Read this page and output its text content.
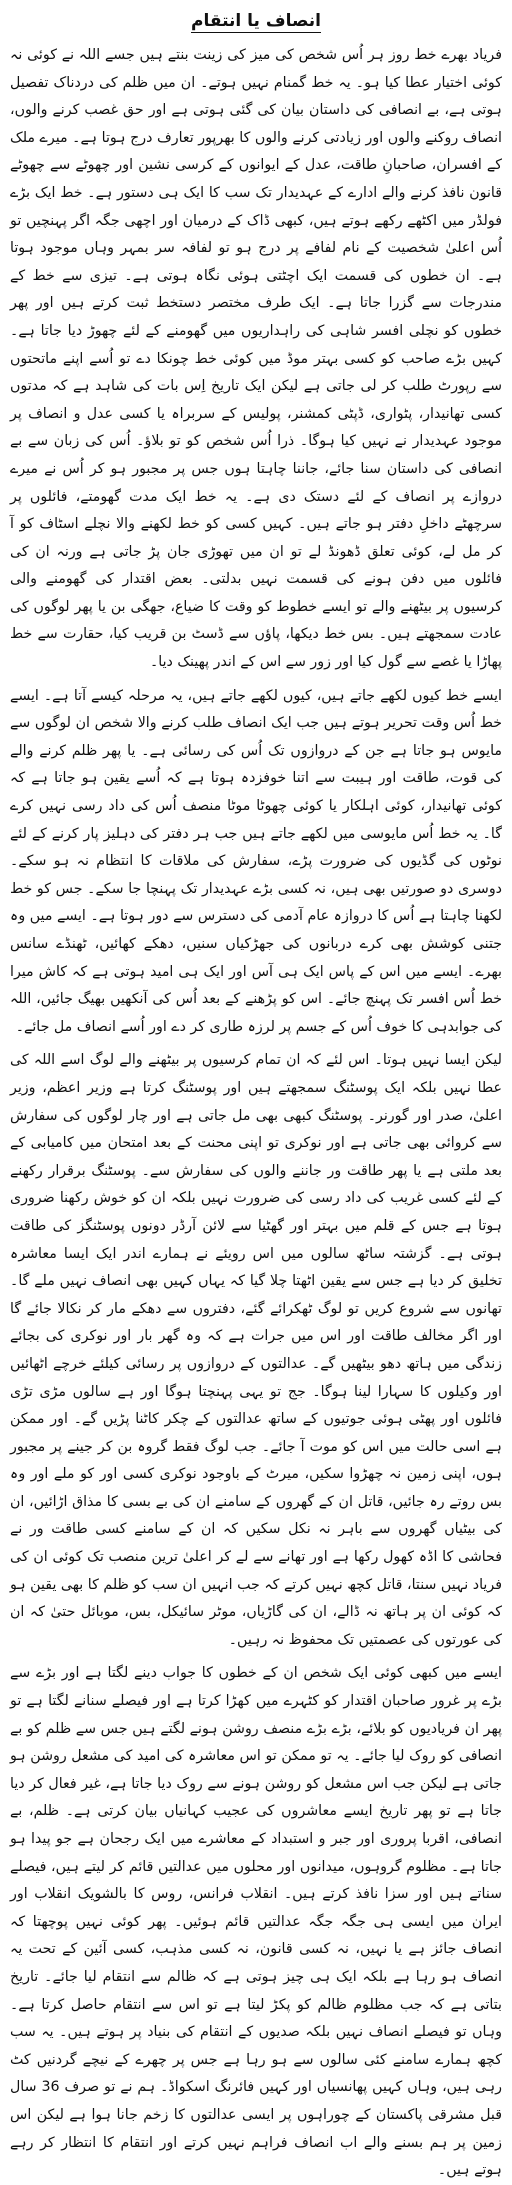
انصاف یا انتقام

فریاد بھرے خط روز ہر اُس شخص کی میز کی زینت بنتے ہیں جسے اللہ نے کوئی نہ کوئی اختیار عطا کیا ہو۔ یہ خط گمنام نہیں ہوتے۔ ان میں ظلم کی دردناک تفصیل ہوتی ہے، بے انصافی کی داستان بیان کی گئی ہوتی ہے اور حق غصب کرنے والوں، انصاف روکنے والوں اور زیادتی کرنے والوں کا بھرپور تعارف درج ہوتا ہے۔ میرے ملک کے افسران، صاحبانِ طاقت، عدل کے ایوانوں کے کرسی نشین اور چھوٹے سے چھوٹے قانون نافذ کرنے والے ادارے کے عہدیدار تک سب کا ایک ہی دستور ہے۔ خط ایک بڑے فولڈر میں اکٹھے رکھے ہوتے ہیں، کبھی ڈاک کے درمیان اور اچھی جگہ اگر پہنچیں تو اُس اعلیٰ شخصیت کے نام لفافے پر درج ہو تو لفافہ سر بمہر وہاں موجود ہوتا ہے۔ ان خطوں کی قسمت ایک اچٹتی ہوئی نگاہ ہوتی ہے۔ تیزی سے خط کے مندرجات سے گزرا جاتا ہے۔ ایک طرف مختصر دستخط ثبت کرتے ہیں اور پھر خطوں کو نچلی افسر شاہی کی راہداریوں میں گھومنے کے لئے چھوڑ دیا جاتا ہے۔ کہیں بڑے صاحب کو کسی بہتر موڈ میں کوئی خط چونکا دے تو اُسے اپنے ماتحتوں سے رپورٹ طلب کر لی جاتی ہے لیکن ایک تاریخ اِس بات کی شاہد ہے کہ مدتوں کسی تھانیدار، پٹواری، ڈپٹی کمشنر، پولیس کے سربراہ یا کسی عدل و انصاف پر موجود عہدیدار نے نہیں کیا ہوگا۔ ذرا اُس شخص کو تو بلاؤ۔ اُس کی زبان سے بے انصافی کی داستان سنا جائے، جاننا چاہتا ہوں جس پر مجبور ہو کر اُس نے میرے دروازے پر انصاف کے لئے دستک دی ہے۔ یہ خط ایک مدت گھومتے، فائلوں پر سرچھٹے داخلِ دفتر ہو جاتے ہیں۔ کہیں کسی کو خط لکھنے والا نچلے اسٹاف کو آ کر مل لے، کوئی تعلق ڈھونڈ لے تو ان میں تھوڑی جان پڑ جاتی ہے ورنہ ان کی فائلوں میں دفن ہونے کی قسمت نہیں بدلتی۔ بعض اقتدار کی گھومنے والی کرسیوں پر بیٹھنے والے تو ایسے خطوط کو وقت کا ضیاع، جھگی بن یا پھر لوگوں کی عادت سمجھتے ہیں۔ بس خط دیکھا، پاؤں سے ڈسٹ بن قریب کیا، حقارت سے خط پھاڑا یا غصے سے گول کیا اور زور سے اس کے اندر پھینک دیا۔

ایسے خط کیوں لکھے جاتے ہیں، کیوں لکھے جاتے ہیں، یہ مرحلہ کیسے آتا ہے۔ ایسے خط اُس وقت تحریر ہوتے ہیں جب ایک انصاف طلب کرنے والا شخص ان لوگوں سے مایوس ہو جاتا ہے جن کے دروازوں تک اُس کی رسائی ہے۔ یا پھر ظلم کرنے والے کی قوت، طاقت اور ہیبت سے اتنا خوفزدہ ہوتا ہے کہ اُسے یقین ہو جاتا ہے کہ کوئی تھانیدار، کوئی اہلکار یا کوئی چھوٹا موٹا منصف اُس کی داد رسی نہیں کرے گا۔ یہ خط اُس مایوسی میں لکھے جاتے ہیں جب ہر دفتر کی دہلیز پار کرنے کے لئے نوٹوں کی گڈیوں کی ضرورت پڑے، سفارش کی ملاقات کا انتظام نہ ہو سکے۔ دوسری دو صورتیں بھی ہیں، نہ کسی بڑے عہدیدار تک پہنچا جا سکے۔ جس کو خط لکھنا چاہتا ہے اُس کا دروازہ عام آدمی کی دسترس سے دور ہوتا ہے۔ ایسے میں وہ جتنی کوشش بھی کرے دربانوں کی جھڑکیاں سنیں، دھکے کھائیں، ٹھنڈے سانس بھرے۔ ایسے میں اس کے پاس ایک ہی آس اور ایک ہی امید ہوتی ہے کہ کاش میرا خط اُس افسر تک پہنچ جائے۔ اس کو پڑھنے کے بعد اُس کی آنکھیں بھیگ جائیں، اللہ کی جوابدہی کا خوف اُس کے جسم پر لرزہ طاری کر دے اور اُسے انصاف مل جائے۔

لیکن ایسا نہیں ہوتا۔ اس لئے کہ ان تمام کرسیوں پر بیٹھنے والے لوگ اسے اللہ کی عطا نہیں بلکہ ایک پوسٹنگ سمجھتے ہیں اور پوسٹنگ کرتا ہے وزیر اعظم، وزیر اعلیٰ، صدر اور گورنر۔ پوسٹنگ کبھی بھی مل جاتی ہے اور چار لوگوں کی سفارش سے کروائی بھی جاتی ہے اور نوکری تو اپنی محنت کے بعد امتحان میں کامیابی کے بعد ملتی ہے یا پھر طاقت ور جاننے والوں کی سفارش سے۔ پوسٹنگ برقرار رکھنے کے لئے کسی غریب کی داد رسی کی ضرورت نہیں بلکہ ان کو خوش رکھنا ضروری ہوتا ہے جس کے قلم میں بہتر اور گھٹیا سے لائن آرڈر دونوں پوسٹنگز کی طاقت ہوتی ہے۔ گزشتہ ساٹھ سالوں میں اس رویئے نے ہمارے اندر ایک ایسا معاشرہ تخلیق کر دیا ہے جس سے یقین اٹھتا چلا گیا کہ یہاں کہیں بھی انصاف نہیں ملے گا۔ تھانوں سے شروع کریں تو لوگ ٹھکرائے گئے، دفتروں سے دھکے مار کر نکالا جائے گا اور اگر مخالف طاقت اور اس میں جرات ہے کہ وہ گھر بار اور نوکری کی بجائے زندگی میں ہاتھ دھو بیٹھیں گے۔ عدالتوں کے دروازوں پر رسائی کیلئے خرچے اٹھائیں اور وکیلوں کا سہارا لینا ہوگا۔ جج تو یہی پہنچتا ہوگا اور ہے سالوں مڑی تڑی فائلوں اور پھٹی ہوئی جوتیوں کے ساتھ عدالتوں کے چکر کاٹنا پڑیں گے۔ اور ممکن ہے اسی حالت میں اس کو موت آ جائے۔ جب لوگ فقط گروہ بن کر جینے پر مجبور ہوں، اپنی زمین نہ چھڑوا سکیں، میرٹ کے باوجود نوکری کسی اور کو ملے اور وہ بس روتے رہ جائیں، قاتل ان کے گھروں کے سامنے ان کی بے بسی کا مذاق اڑائیں، ان کی بیٹیاں گھروں سے باہر نہ نکل سکیں کہ ان کے سامنے کسی طاقت ور نے فحاشی کا اڈہ کھول رکھا ہے اور تھانے سے لے کر اعلیٰ ترین منصب تک کوئی ان کی فریاد نہیں سنتا، قاتل کچھ نہیں کرتے کہ جب انہیں ان سب کو ظلم کا بھی یقین ہو کہ کوئی ان پر ہاتھ نہ ڈالے، ان کی گاڑیاں، موٹر سائیکل، بس، موبائل حتیٰ کہ ان کی عورتوں کی عصمتیں تک محفوظ نہ رہیں۔

ایسے میں کبھی کوئی ایک شخص ان کے خطوں کا جواب دینے لگتا ہے اور بڑے سے بڑے پر غرور صاحبان اقتدار کو کٹہرے میں کھڑا کرتا ہے اور فیصلے سنانے لگتا ہے تو پھر ان فریادیوں کو بلائے، بڑے بڑے منصف روشن ہونے لگتے ہیں جس سے ظلم کو بے انصافی کو روک لیا جائے۔ یہ تو ممکن تو اس معاشرہ کی امید کی مشعل روشن ہو جاتی ہے لیکن جب اس مشعل کو روشن ہونے سے روک دیا جاتا ہے، غیر فعال کر دیا جاتا ہے تو پھر تاریخ ایسے معاشروں کی عجیب کہانیاں بیان کرتی ہے۔ ظلم، بے انصافی، اقربا پروری اور جبر و استبداد کے معاشرے میں ایک رجحان ہے جو پیدا ہو جاتا ہے۔ مظلوم گروہوں، میدانوں اور محلوں میں عدالتیں قائم کر لیتے ہیں، فیصلے سناتے ہیں اور سزا نافذ کرتے ہیں۔ انقلاب فرانس، روس کا بالشویک انقلاب اور ایران میں ایسی ہی جگہ جگہ عدالتیں قائم ہوئیں۔ پھر کوئی نہیں پوچھتا کہ انصاف جائز ہے یا نہیں، نہ کسی قانون، نہ کسی مذہب، کسی آئین کے تحت یہ انصاف ہو رہا ہے بلکہ ایک ہی چیز ہوتی ہے کہ ظالم سے انتقام لیا جائے۔ تاریخ بتاتی ہے کہ جب مظلوم ظالم کو پکڑ لیتا ہے تو اس سے انتقام حاصل کرتا ہے۔ وہاں تو فیصلے انصاف نہیں بلکہ صدیوں کے انتقام کی بنیاد پر ہوتے ہیں۔ یہ سب کچھ ہمارے سامنے کئی سالوں سے ہو رہا ہے جس پر چھرے کے نیچے گردنیں کٹ رہی ہیں، وہاں کہیں پھانسیاں اور کہیں فائرنگ اسکواڈ۔ ہم نے تو صرف 36 سال قبل مشرقی پاکستان کے چوراہوں پر ایسی عدالتوں کا زخم جانا ہوا ہے لیکن اس زمین پر ہم بسنے والے اب انصاف فراہم نہیں کرتے اور انتقام کا انتظار کر رہے ہوتے ہیں۔
